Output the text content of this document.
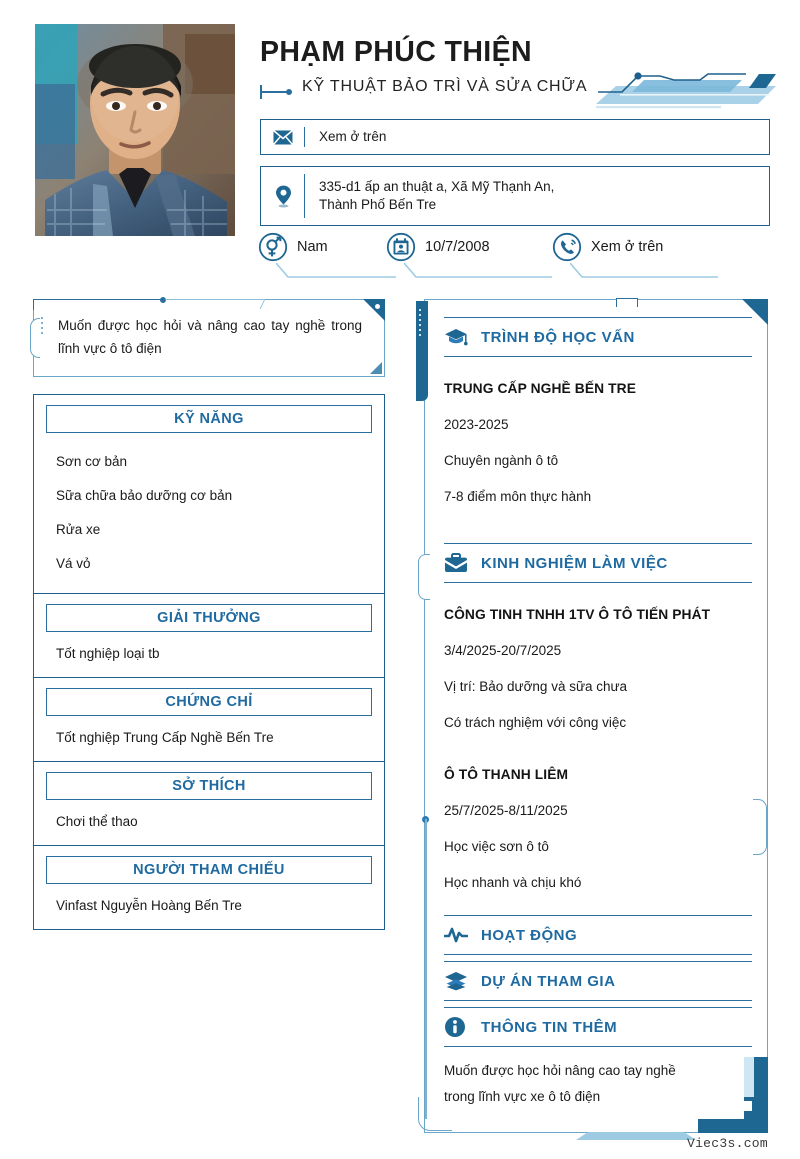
PHẠM PHÚC THIỆN
KỸ THUẬT BẢO TRÌ VÀ SỬA CHỮA
Xem ở trên
335-d1 ấp an thuật a, Xã Mỹ Thạnh An,
Thành Phố Bến Tre
Nam	10/7/2008	Xem ở trên
Muốn được học hỏi và nâng cao tay nghề trong lĩnh vực ô tô điện
KỸ NĂNG
Sơn cơ bản
Sữa chữa bảo dưỡng cơ bản
Rửa xe
Vá vỏ
GIẢI THƯỞNG
Tốt nghiệp loại tb
CHỨNG CHỈ
Tốt nghiệp Trung Cấp Nghề Bến Tre
SỞ THÍCH
Chơi thể thao
NGƯỜI THAM CHIẾU
Vinfast Nguyễn Hoàng Bến Tre
TRÌNH ĐỘ HỌC VẤN
TRUNG CẤP NGHỀ BẾN TRE
2023-2025
Chuyên ngành ô tô
7-8 điểm môn thực hành
KINH NGHIỆM LÀM VIỆC
CÔNG TINH TNHH 1TV Ô TÔ TIẾN PHÁT
3/4/2025-20/7/2025
Vị trí: Bảo dưỡng và sữa chưa
Có trách nghiệm với công việc
Ô TÔ THANH LIÊM
25/7/2025-8/11/2025
Học việc sơn ô tô
Học nhanh và chịu khó
HOẠT ĐỘNG
DỰ ÁN THAM GIA
THÔNG TIN THÊM
Muốn được học hỏi nâng cao tay nghề
trong lĩnh vực xe ô tô điện
Viec3s.com
